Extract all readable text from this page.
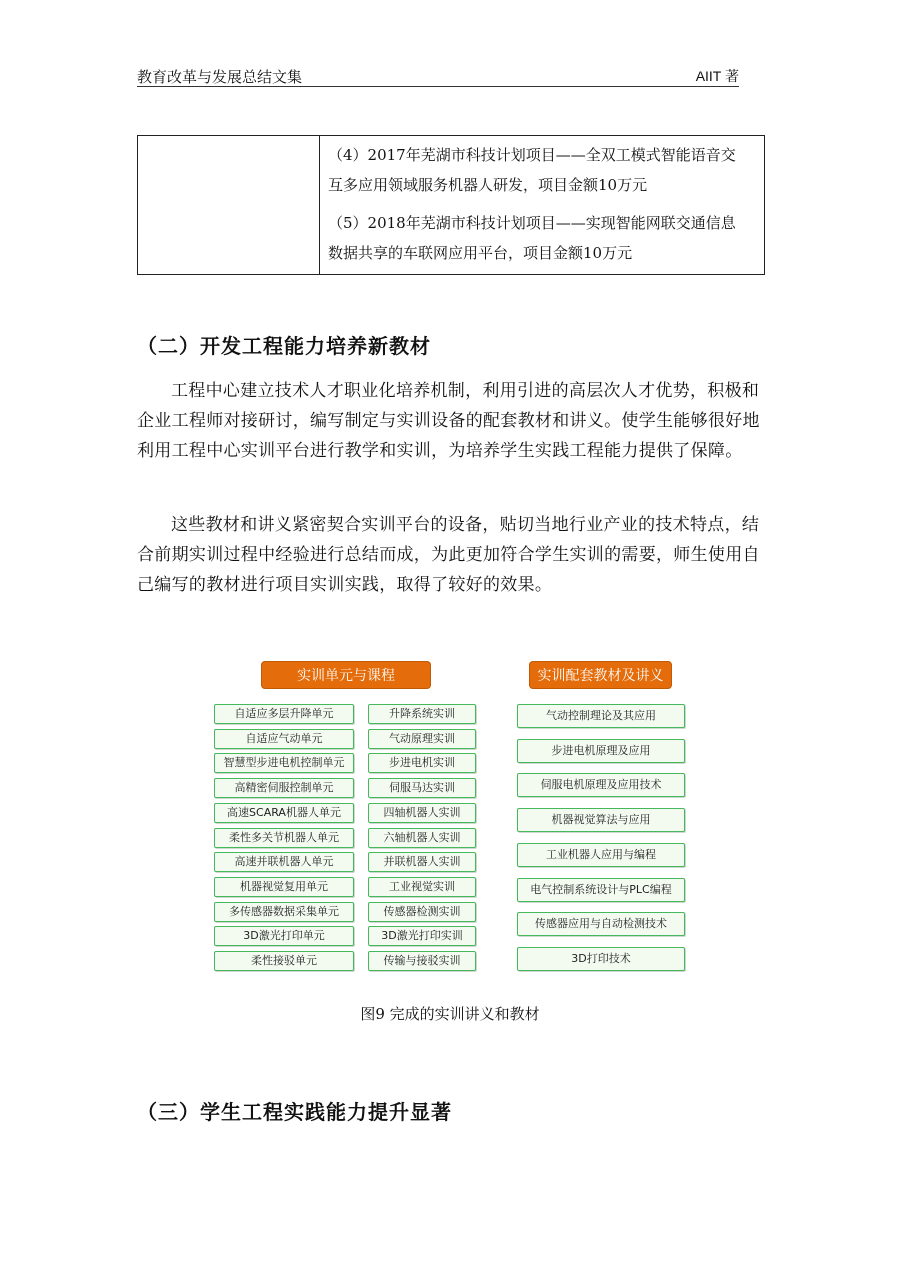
教育改革与发展总结文集	AIIT 著
（4）2017年芜湖市科技计划项目——全双工模式智能语音交
互多应用领域服务机器人研发，项目金额10万元
（5）2018年芜湖市科技计划项目——实现智能网联交通信息
数据共享的车联网应用平台，项目金额10万元
（二）开发工程能力培养新教材
工程中心建立技术人才职业化培养机制，利用引进的高层次人才优势，积极和企业工程师对接研讨，编写制定与实训设备的配套教材和讲义。使学生能够很好地利用工程中心实训平台进行教学和实训，为培养学生实践工程能力提供了保障。
这些教材和讲义紧密契合实训平台的设备，贴切当地行业产业的技术特点，结合前期实训过程中经验进行总结而成，为此更加符合学生实训的需要，师生使用自己编写的教材进行项目实训实践，取得了较好的效果。
实训单元与课程	实训配套教材及讲义
自适应多层升降单元
自适应气动单元
智慧型步进电机控制单元
高精密伺服控制单元
高速SCARA机器人单元
柔性多关节机器人单元
高速并联机器人单元
机器视觉复用单元
多传感器数据采集单元
3D激光打印单元
柔性接驳单元
升降系统实训
气动原理实训
步进电机实训
伺服马达实训
四轴机器人实训
六轴机器人实训
并联机器人实训
工业视觉实训
传感器检测实训
3D激光打印实训
传输与接驳实训
气动控制理论及其应用
步进电机原理及应用
伺服电机原理及应用技术
机器视觉算法与应用
工业机器人应用与编程
电气控制系统设计与PLC编程
传感器应用与自动检测技术
3D打印技术
图9 完成的实训讲义和教材
（三）学生工程实践能力提升显著
